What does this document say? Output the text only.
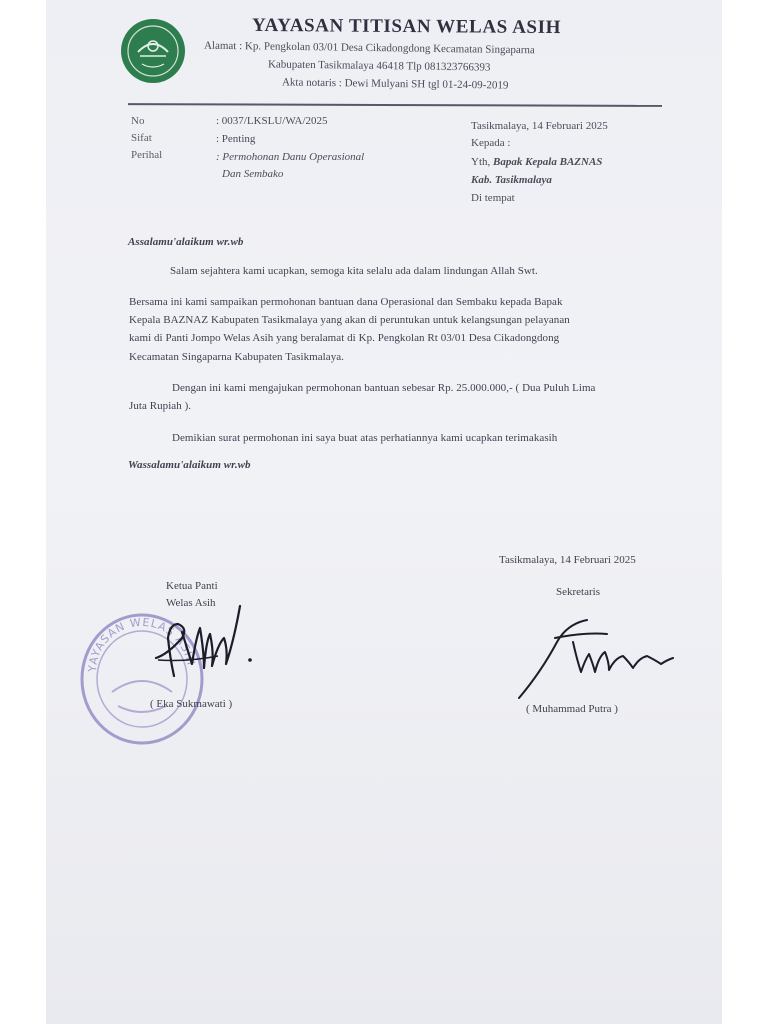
YAYASAN TITISAN WELAS ASIH
Alamat : Kp. Pengkolan 03/01 Desa Cikadongdong Kecamatan Singaparna
Kabupaten Tasikmalaya 46418 Tlp 081323766393
Akta notaris : Dewi Mulyani SH tgl 01-24-09-2019
No	: 0037/LKSLU/WA/2025
Sifat	: Penting
Perihal	: Permohonan Danu Operasional
Dan Sembako
Tasikmalaya, 14 Februari 2025
Kepada :
Yth, Bapak Kepala BAZNAS
Kab. Tasikmalaya
Di tempat
Assalamu'alaikum wr.wb
Salam sejahtera kami ucapkan, semoga kita selalu ada dalam lindungan Allah Swt.
Bersama ini kami sampaikan permohonan bantuan dana Operasional dan Sembaku kepada Bapak
Kepala BAZNAZ Kabupaten Tasikmalaya yang akan di peruntukan untuk kelangsungan pelayanan
kami di Panti Jompo Welas Asih yang beralamat di Kp. Pengkolan Rt 03/01 Desa Cikadongdong
Kecamatan Singaparna Kabupaten Tasikmalaya.
Dengan ini kami mengajukan permohonan bantuan sebesar Rp. 25.000.000,- ( Dua Puluh Lima
Juta Rupiah ).
Demikian surat permohonan ini saya buat atas perhatiannya kami ucapkan terimakasih
Wassalamu'alaikum wr.wb
Tasikmalaya, 14 Februari 2025
Ketua Panti
Welas Asih
Sekretaris
YAYASAN WELAS ASIH
( Eka Sukmawati )	( Muhammad Putra )
